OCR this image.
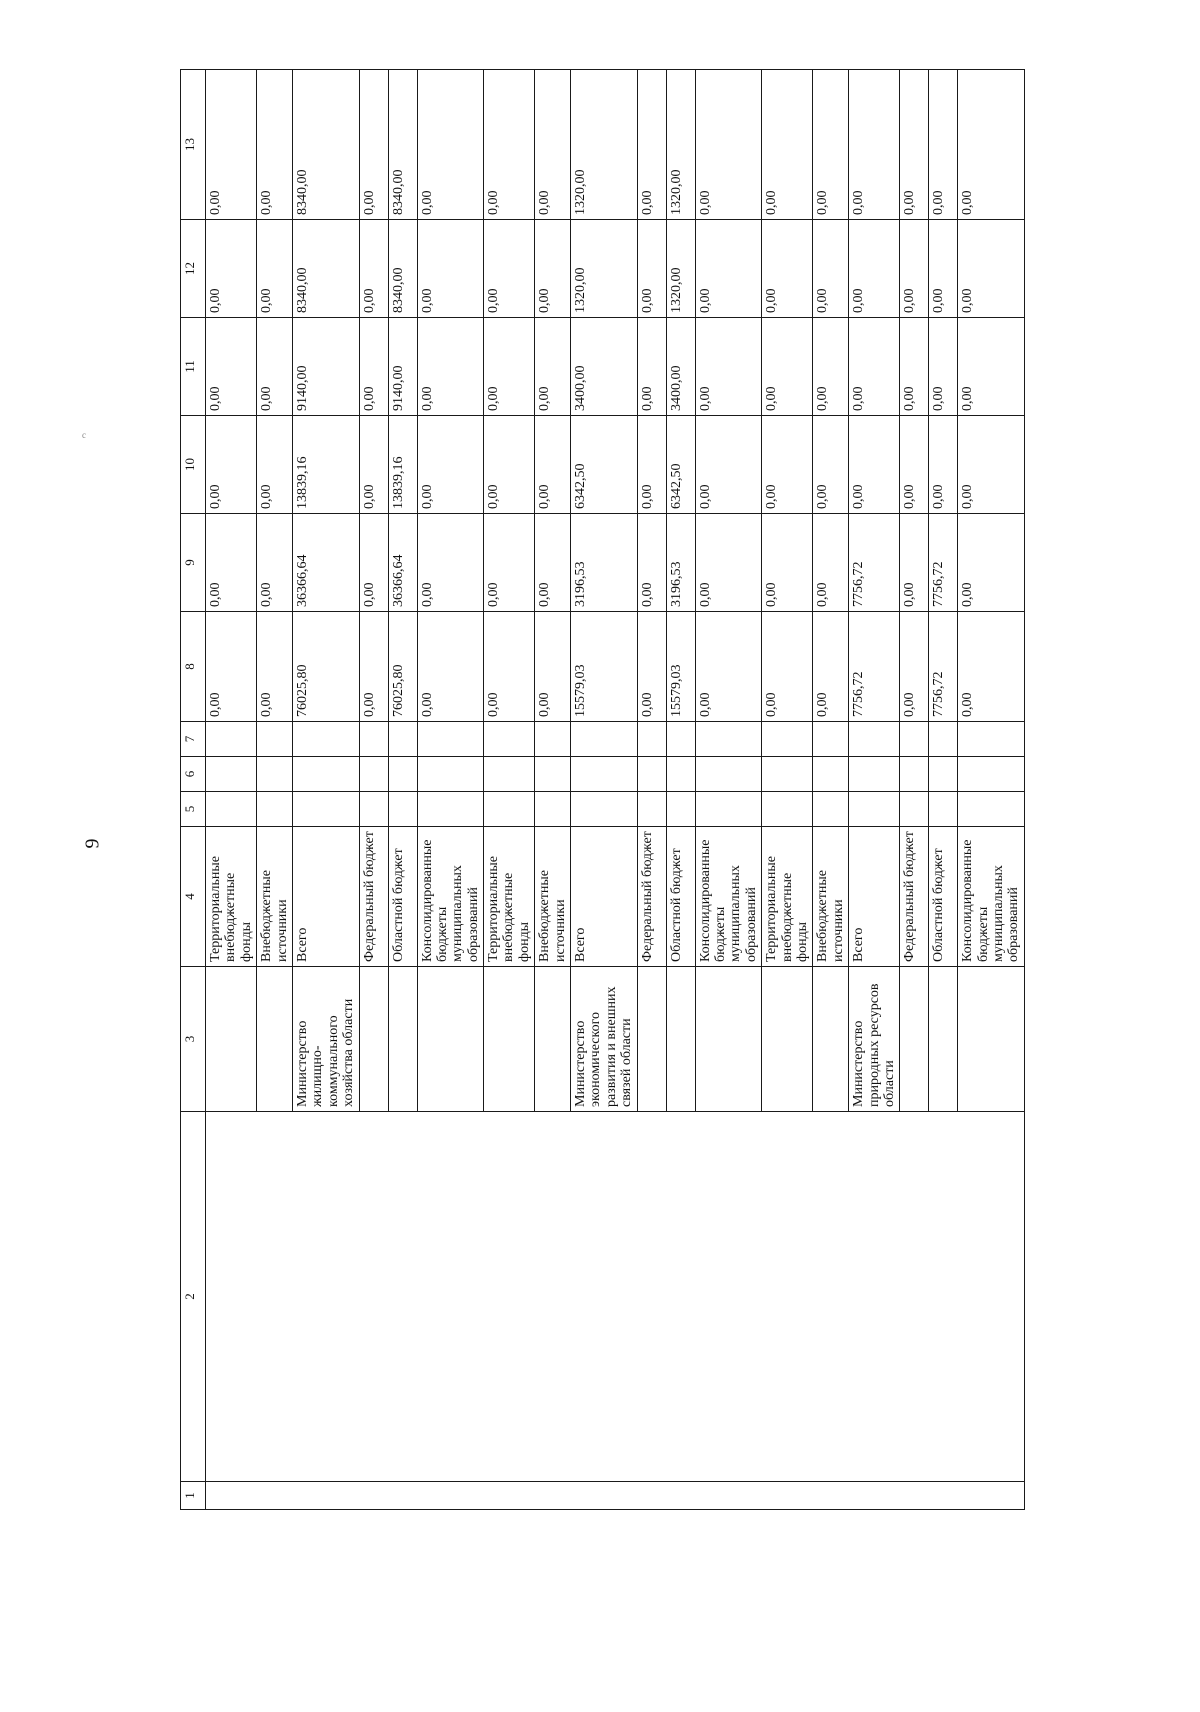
9
c
1	2	3	4	5	6	7	8	9	10	11	12	13
			Территориальные внебюджетные фонды				0,00	0,00	0,00	0,00	0,00	0,00
			Внебюджетные источники				0,00	0,00	0,00	0,00	0,00	0,00
		Министерство жилищно-коммунального хозяйства области	Всего				76025,80	36366,64	13839,16	9140,00	8340,00	8340,00
			Федеральный бюджет				0,00	0,00	0,00	0,00	0,00	0,00
			Областной бюджет				76025,80	36366,64	13839,16	9140,00	8340,00	8340,00
			Консолидированные бюджеты муниципальных образований				0,00	0,00	0,00	0,00	0,00	0,00
			Территориальные внебюджетные фонды				0,00	0,00	0,00	0,00	0,00	0,00
			Внебюджетные источники				0,00	0,00	0,00	0,00	0,00	0,00
		Министерство экономического развития и внешних связей области	Всего				15579,03	3196,53	6342,50	3400,00	1320,00	1320,00
			Федеральный бюджет				0,00	0,00	0,00	0,00	0,00	0,00
			Областной бюджет				15579,03	3196,53	6342,50	3400,00	1320,00	1320,00
			Консолидированные бюджеты муниципальных образований				0,00	0,00	0,00	0,00	0,00	0,00
			Территориальные внебюджетные фонды				0,00	0,00	0,00	0,00	0,00	0,00
			Внебюджетные источники				0,00	0,00	0,00	0,00	0,00	0,00
		Министерство природных ресурсов области	Всего				7756,72	7756,72	0,00	0,00	0,00	0,00
			Федеральный бюджет				0,00	0,00	0,00	0,00	0,00	0,00
			Областной бюджет				7756,72	7756,72	0,00	0,00	0,00	0,00
			Консолидированные бюджеты муниципальных образований				0,00	0,00	0,00	0,00	0,00	0,00
